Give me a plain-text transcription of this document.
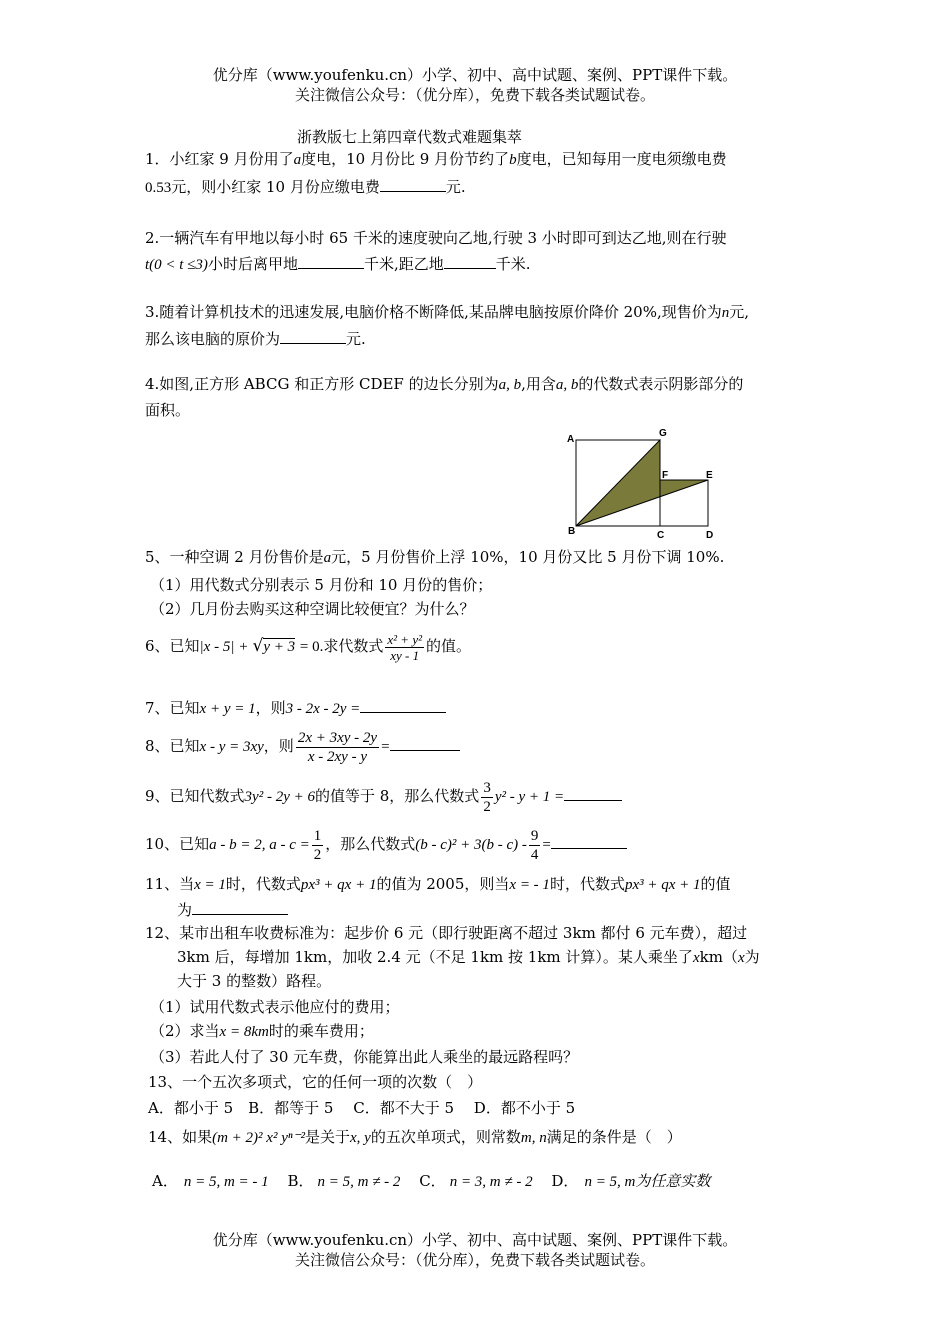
优分库（www.youfenku.cn）小学、初中、高中试题、案例、PPT课件下载。
关注微信公众号：（优分库），免费下载各类试题试卷。
浙教版七上第四章代数式难题集萃
1．小红家 9 月份用了a度电，10 月份比 9 月份节约了b度电，已知每用一度电须缴电费
0.53元，则小红家 10 月份应缴电费	元.
2.一辆汽车有甲地以每小时 65 千米的速度驶向乙地,行驶 3 小时即可到达乙地,则在行驶
t(0 < t ≤3)小时后离甲地	千米,距乙地	千米.
3.随着计算机技术的迅速发展,电脑价格不断降低,某品牌电脑按原价降价 20%,现售价为n元,
那么该电脑的原价为	元.
4.如图,正方形 ABCG 和正方形 CDEF 的边长分别为a, b,用含a, b的代数式表示阴影部分的
面积。
A
G
F	E
B	C	D
5、一种空调 2 月份售价是a元，5 月份售价上浮 10%，10 月份又比 5 月份下调 10%.
（1）用代数式分别表示 5 月份和 10 月份的售价；
（2）几月份去购买这种空调比较便宜？为什么？
6、已知|x - 5| + √y + 3 = 0.求代数式 $\frac{\text{x² + y²}}{xy - 1}$ 的值。
7、已知x + y = 1，则3 - 2x - 2y =
8、已知x - y = 3xy，则 $\frac{2x + 3xy - 2y}{x - 2xy - y}$ =
9、已知代数式3y² - 2y + 6的值等于 8，那么代数式 $\frac{3}{2} y^2 - y + 1$ =
10、已知a - b = 2, $a - c = \frac{1}{2}$ ，那么代数式$(b - c)^2 + 3(b - c) - \frac{9}{4}$ =
11、当x = 1时，代数式px³ + qx + 1的值为 2005，则当x = - 1时，代数式px³ + qx + 1的值
为
12、某市出租车收费标准为：起步价 6 元（即行驶距离不超过 3km 都付 6 元车费），超过
3km 后，每增加 1km，加收 2.4 元（不足 1km 按 1km 计算）。某人乘坐了xkm（x为
大于 3 的整数）路程。
（1）试用代数式表示他应付的费用；
（2）求当x = 8km时的乘车费用；
（3）若此人付了 30 元车费，你能算出此人乘坐的最远路程吗？
13、一个五次多项式，它的任何一项的次数（　）
A．都小于 5　B．都等于 5　 C．都不大于 5　 D．都不小于 5
14、如果(m + 2)² x² yⁿ⁻²是关于x, y的五次单项式，则常数m, n满足的条件是（　）
A． n = 5, m = - 1 B． n = 5, m ≠ - 2 C． n = 3, m ≠ - 2 D． n = 5, m为任意实数
优分库（www.youfenku.cn）小学、初中、高中试题、案例、PPT课件下载。
关注微信公众号：（优分库），免费下载各类试题试卷。
